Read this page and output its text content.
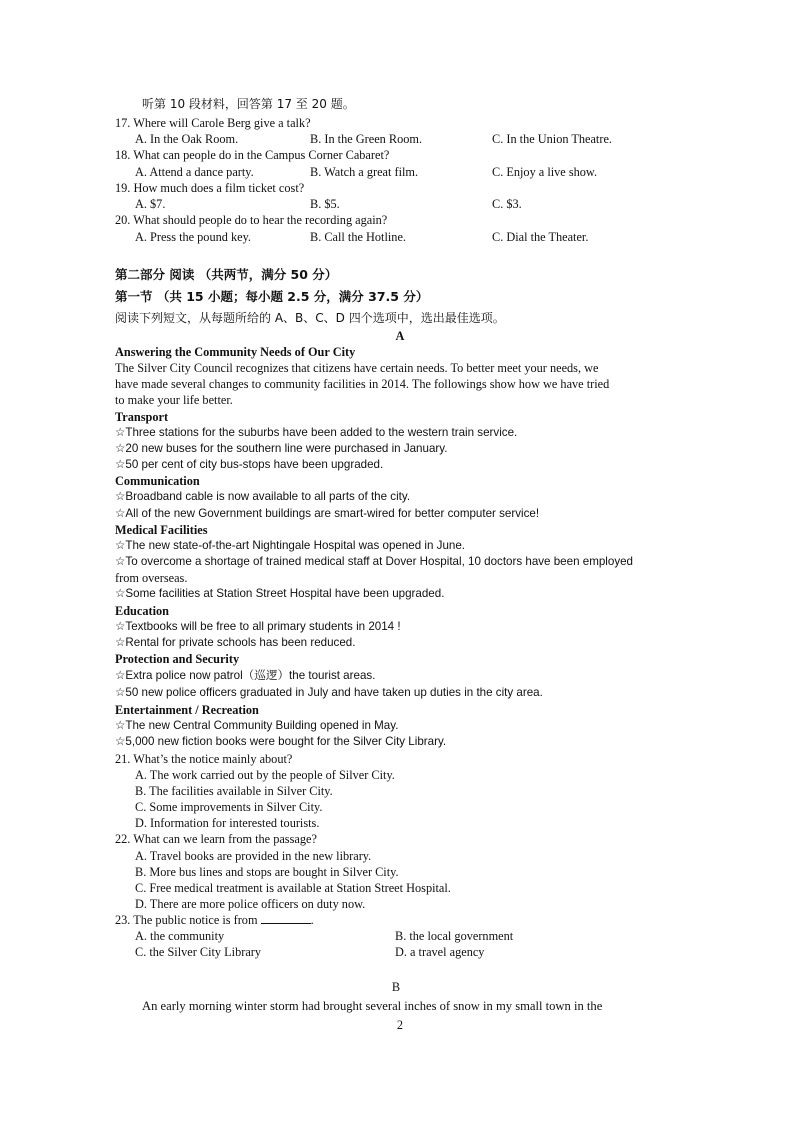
听第 10 段材料，回答第 17 至 20 题。
17. Where will Carole Berg give a talk?
A. In the Oak Room.	B. In the Green Room.	C. In the Union Theatre.
18. What can people do in the Campus Corner Cabaret?
A. Attend a dance party.	B. Watch a great film.	C. Enjoy a live show.
19. How much does a film ticket cost?
A. $7.	B. $5.	C. $3.
20. What should people do to hear the recording again?
A. Press the pound key.	B. Call the Hotline.	C. Dial the Theater.
第二部分 阅读 （共两节，满分 50 分）
第一节 （共 15 小题；每小题 2.5 分，满分 37.5 分）
阅读下列短文，从每题所给的 A、B、C、D 四个选项中，选出最佳选项。
A
Answering the Community Needs of Our City
The Silver City Council recognizes that citizens have certain needs. To better meet your needs, we
have made several changes to community facilities in 2014. The followings show how we have tried
to make your life better.
Transport
☆Three stations for the suburbs have been added to the western train service.
☆20 new buses for the southern line were purchased in January.
☆50 per cent of city bus-stops have been upgraded.
Communication
☆Broadband cable is now available to all parts of the city.
☆All of the new Government buildings are smart-wired for better computer service!
Medical Facilities
☆The new state-of-the-art Nightingale Hospital was opened in June.
☆To overcome a shortage of trained medical staff at Dover Hospital, 10 doctors have been employed
from overseas.
☆Some facilities at Station Street Hospital have been upgraded.
Education
☆Textbooks will be free to all primary students in 2014 !
☆Rental for private schools has been reduced.
Protection and Security
☆Extra police now patrol（巡逻）the tourist areas.
☆50 new police officers graduated in July and have taken up duties in the city area.
Entertainment / Recreation
☆The new Central Community Building opened in May.
☆5,000 new fiction books were bought for the Silver City Library.
21. What’s the notice mainly about?
A. The work carried out by the people of Silver City.
B. The facilities available in Silver City.
C. Some improvements in Silver City.
D. Information for interested tourists.
22. What can we learn from the passage?
A. Travel books are provided in the new library.
B. More bus lines and stops are bought in Silver City.
C. Free medical treatment is available at Station Street Hospital.
D. There are more police officers on duty now.
23. The public notice is from	.
A. the community	B. the local government
C. the Silver City Library	D. a travel agency
B
An early morning winter storm had brought several inches of snow in my small town in the
2
